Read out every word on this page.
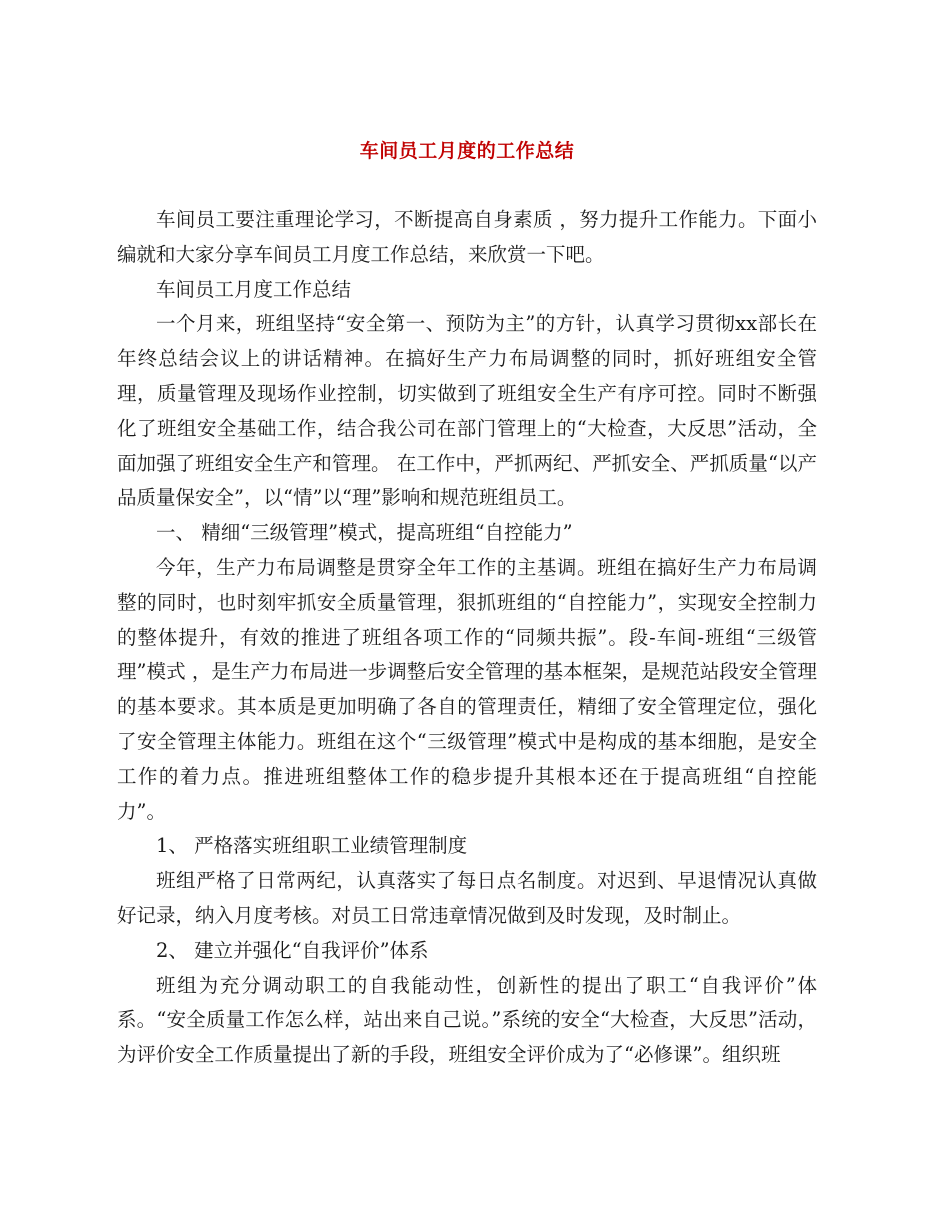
车间员工月度的工作总结

车间员工要注重理论学习，不断提高自身素质 ，努力提升工作能力。下面小编就和大家分享车间员工月度工作总结，来欣赏一下吧。

车间员工月度工作总结

一个月来，班组坚持“安全第一、预防为主”的方针，认真学习贯彻xx部长在年终总结会议上的讲话精神。在搞好生产力布局调整的同时，抓好班组安全管理，质量管理及现场作业控制，切实做到了班组安全生产有序可控。同时不断强化了班组安全基础工作，结合我公司在部门管理上的“大检查，大反思”活动，全面加强了班组安全生产和管理。 在工作中，严抓两纪、严抓安全、严抓质量“以产品质量保安全”，以“情”以“理”影响和规范班组员工。

一、 精细“三级管理”模式，提高班组“自控能力”

今年，生产力布局调整是贯穿全年工作的主基调。班组在搞好生产力布局调整的同时，也时刻牢抓安全质量管理，狠抓班组的“自控能力”，实现安全控制力的整体提升，有效的推进了班组各项工作的“同频共振”。段-车间-班组“三级管理”模式 ，是生产力布局进一步调整后安全管理的基本框架，是规范站段安全管理的基本要求。其本质是更加明确了各自的管理责任，精细了安全管理定位，强化了安全管理主体能力。班组在这个“三级管理”模式中是构成的基本细胞，是安全工作的着力点。推进班组整体工作的稳步提升其根本还在于提高班组“自控能力”。

1、 严格落实班组职工业绩管理制度

班组严格了日常两纪，认真落实了每日点名制度。对迟到、早退情况认真做好记录，纳入月度考核。对员工日常违章情况做到及时发现，及时制止。

2、 建立并强化“自我评价”体系

班组为充分调动职工的自我能动性，创新性的提出了职工“自我评价”体系。“安全质量工作怎么样，站出来自己说。”系统的安全“大检查，大反思”活动，为评价安全工作质量提出了新的手段，班组安全评价成为了“必修课”。组织班
